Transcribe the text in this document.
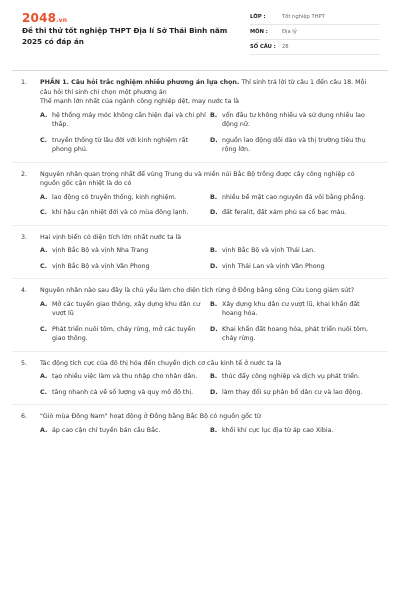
2048.vn
Đề thi thử tốt nghiệp THPT Địa lí Sở Thái Bình năm 2025 có đáp án
LỚP :	Tốt nghiệp THPT
MÔN :	Địa lý
SỐ CÂU :	28
1. PHẦN 1. Câu hỏi trắc nghiệm nhiều phương án lựa chọn. Thí sinh trả lời từ câu 1 đến câu 18. Mỗi câu hỏi thí sinh chỉ chọn một phương án
Thế mạnh lớn nhất của ngành công nghiệp dệt, may nước ta là
A. hệ thống máy móc không cần hiện đại và chi phí thấp.
B. vốn đầu tư không nhiều và sử dụng nhiều lao động nữ.
C. truyền thống từ lâu đời với kinh nghiệm rất phong phú.
D. nguồn lao động dồi dào và thị trường tiêu thụ rộng lớn.
2. Nguyên nhân quan trọng nhất để vùng Trung du và miền núi Bắc Bộ trồng được cây công nghiệp có nguồn gốc cận nhiệt là do có
A. lao động có truyền thống, kinh nghiệm.	B. nhiều bề mặt cao nguyên đá vôi bằng phẳng.
C. khí hậu cận nhiệt đới và có mùa đông lạnh.	D. đất feralit, đất xám phù sa cổ bạc màu.
3. Hai vịnh biển có diện tích lớn nhất nước ta là
A. vịnh Bắc Bộ và vịnh Nha Trang	B. vịnh Bắc Bộ và vịnh Thái Lan.
C. vịnh Bắc Bộ và vịnh Vân Phong	D. vịnh Thái Lan và vịnh Vân Phong
4. Nguyên nhân nào sau đây là chủ yếu làm cho diện tích rừng ở Đồng bằng sông Cửu Long giảm sút?
A. Mở các tuyến giao thông, xây dựng khu dân cư vượt lũ
B. Xây dựng khu dân cư vượt lũ, khai khẩn đất hoang hóa.
C. Phát triển nuôi tôm, cháy rừng, mở các tuyến giao thông.
D. Khai khẩn đất hoang hóa, phát triển nuôi tôm, cháy rừng.
5. Tác động tích cực của đô thị hóa đến chuyển dịch cơ cấu kinh tế ở nước ta là
A. tạo nhiều việc làm và thu nhập cho nhân dân.	B. thúc đẩy công nghiệp và dịch vụ phát triển.
C. tăng nhanh cả về số lượng và quy mô đô thị.	D. làm thay đổi sự phân bố dân cư và lao động.
6. "Gió mùa Đông Nam" hoạt động ở Đồng bằng Bắc Bộ có nguồn gốc từ
A. áp cao cận chí tuyến bán cầu Bắc.	B. khối khí cực lục địa từ áp cao Xibia.
